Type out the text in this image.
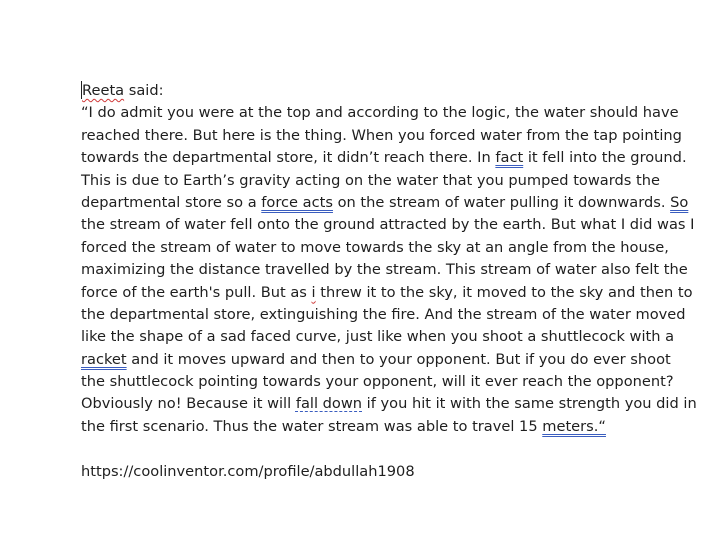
Reeta said:
“I do admit you were at the top and according to the logic, the water should have
reached there. But here is the thing. When you forced water from the tap pointing
towards the departmental store, it didn’t reach there. In fact it fell into the ground.
This is due to Earth’s gravity acting on the water that you pumped towards the
departmental store so a force acts on the stream of water pulling it downwards. So
the stream of water fell onto the ground attracted by the earth. But what I did was I
forced the stream of water to move towards the sky at an angle from the house,
maximizing the distance travelled by the stream. This stream of water also felt the
force of the earth's pull. But as i threw it to the sky, it moved to the sky and then to
the departmental store, extinguishing the fire. And the stream of the water moved
like the shape of a sad faced curve, just like when you shoot a shuttlecock with a
racket and it moves upward and then to your opponent. But if you do ever shoot
the shuttlecock pointing towards your opponent, will it ever reach the opponent?
Obviously no! Because it will fall down if you hit it with the same strength you did in
the first scenario. Thus the water stream was able to travel 15 meters.“
https://coolinventor.com/profile/abdullah1908
